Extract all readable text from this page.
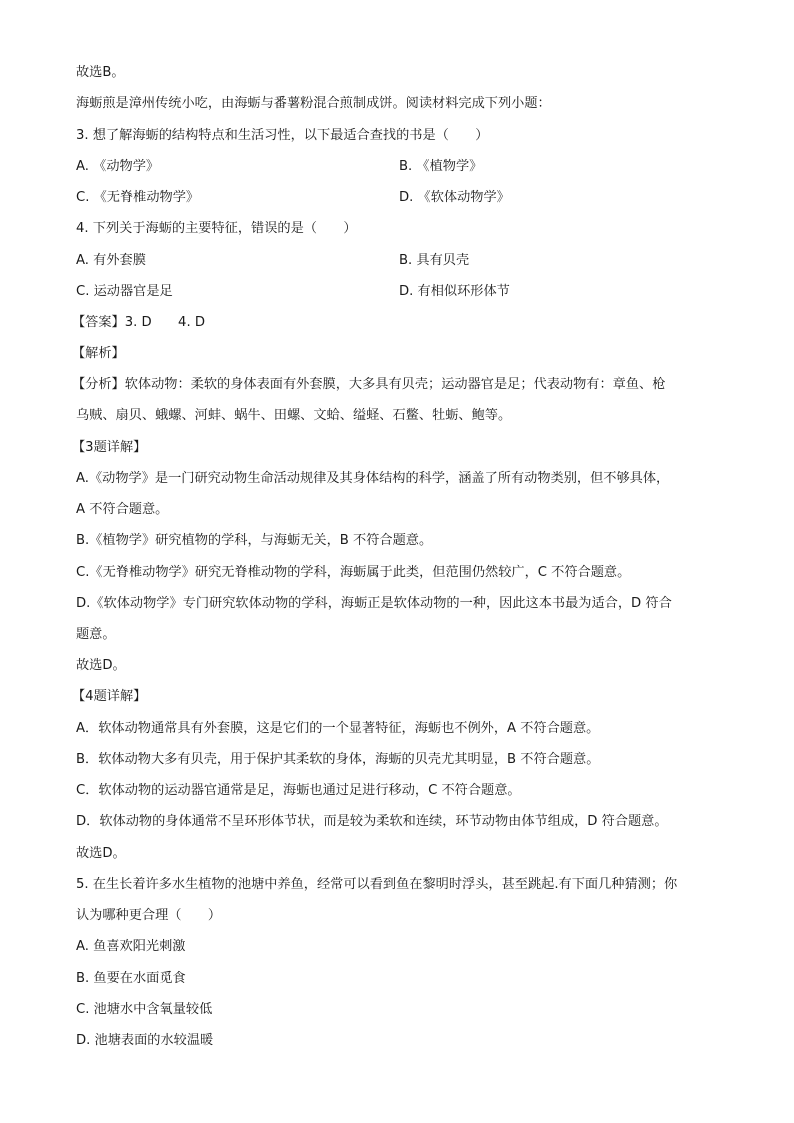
故选B。
海蛎煎是漳州传统小吃，由海蛎与番薯粉混合煎制成饼。阅读材料完成下列小题：
3. 想了解海蛎的结构特点和生活习性，以下最适合查找的书是（　　）
A. 《动物学》	B. 《植物学》
C. 《无脊椎动物学》	D. 《软体动物学》
4. 下列关于海蛎的主要特征，错误的是（　　）
A. 有外套膜	B. 具有贝壳
C. 运动器官是足	D. 有相似环形体节
【答案】3. D　　4. D
【解析】
【分析】软体动物：柔软的身体表面有外套膜，大多具有贝壳；运动器官是足；代表动物有：章鱼、枪
乌贼、扇贝、蛾螺、河蚌、蜗牛、田螺、文蛤、缢蛏、石鳖、牡蛎、鲍等。
【3题详解】
A.《动物学》是一门研究动物生命活动规律及其身体结构的科学，涵盖了所有动物类别，但不够具体，
A 不符合题意。
B.《植物学》研究植物的学科，与海蛎无关，B 不符合题意。
C.《无脊椎动物学》研究无脊椎动物的学科，海蛎属于此类，但范围仍然较广，C 不符合题意。
D.《软体动物学》专门研究软体动物的学科，海蛎正是软体动物的一种，因此这本书最为适合，D 符合
题意。
故选D。
【4题详解】
A．软体动物通常具有外套膜，这是它们的一个显著特征，海蛎也不例外，A 不符合题意。
B．软体动物大多有贝壳，用于保护其柔软的身体，海蛎的贝壳尤其明显，B 不符合题意。
C．软体动物的运动器官通常是足，海蛎也通过足进行移动，C 不符合题意。
D．软体动物的身体通常不呈环形体节状，而是较为柔软和连续，环节动物由体节组成，D 符合题意。
故选D。
5. 在生长着许多水生植物的池塘中养鱼，经常可以看到鱼在黎明时浮头，甚至跳起.有下面几种猜测；你
认为哪种更合理（　　）
A. 鱼喜欢阳光刺激
B. 鱼要在水面觅食
C. 池塘水中含氧量较低
D. 池塘表面的水较温暖
